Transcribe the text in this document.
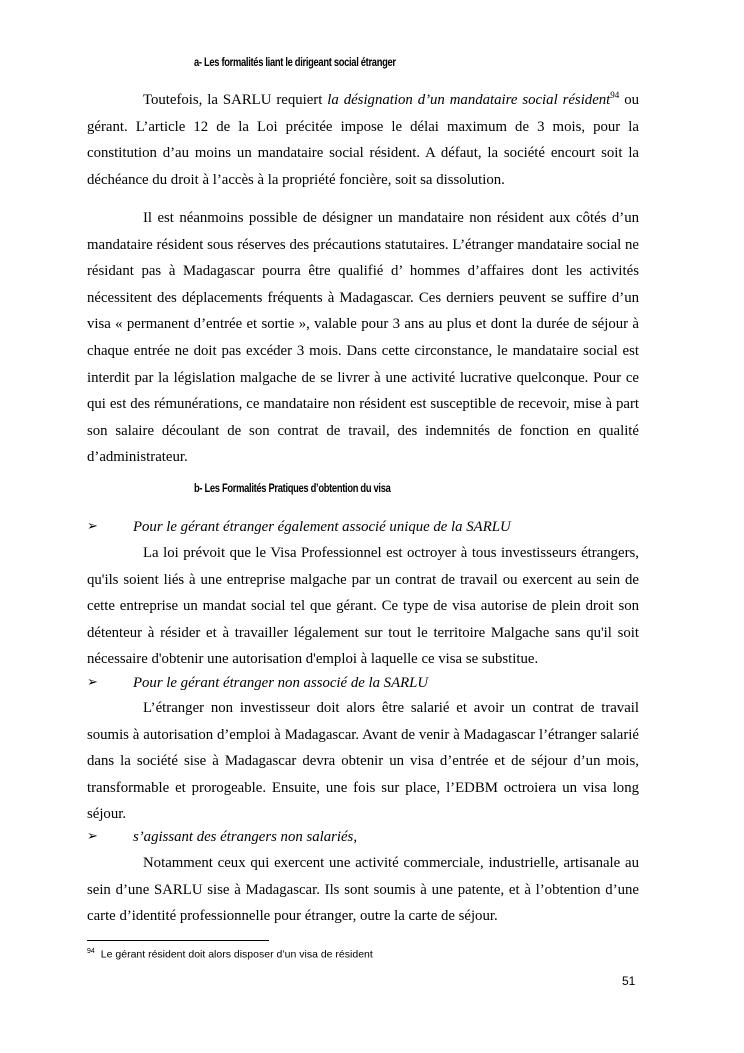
a- Les formalités liant le dirigeant social étranger

Toutefois, la SARLU requiert la désignation d’un mandataire social résident$^{94}$ ou gérant. L’article 12 de la Loi précitée impose le délai maximum de 3 mois, pour la constitution d’au moins un mandataire social résident. A défaut, la société encourt soit la déchéance du droit à l’accès à la propriété foncière, soit sa dissolution.

Il est néanmoins possible de désigner un mandataire non résident aux côtés d’un mandataire résident sous réserves des précautions statutaires. L’étranger mandataire social ne résidant pas à Madagascar pourra être qualifié d’ hommes d’affaires dont les activités nécessitent des déplacements fréquents à Madagascar. Ces derniers peuvent se suffire d’un visa « permanent d’entrée et sortie », valable pour 3 ans au plus et dont la durée de séjour à chaque entrée ne doit pas excéder 3 mois. Dans cette circonstance, le mandataire social est interdit par la législation malgache de se livrer à une activité lucrative quelconque. Pour ce qui est des rémunérations, ce mandataire non résident est susceptible de recevoir, mise à part son salaire découlant de son contrat de travail, des indemnités de fonction en qualité d’administrateur.

b- Les Formalités Pratiques d’obtention du visa
➢ Pour le gérant étranger également associé unique de la SARLU

La loi prévoit que le Visa Professionnel est octroyer à tous investisseurs étrangers, qu'ils soient liés à une entreprise malgache par un contrat de travail ou exercent au sein de cette entreprise un mandat social tel que gérant. Ce type de visa autorise de plein droit son détenteur à résider et à travailler légalement sur tout le territoire Malgache sans qu'il soit nécessaire d'obtenir une autorisation d'emploi à laquelle ce visa se substitue.

➢ Pour le gérant étranger non associé de la SARLU

L’étranger non investisseur doit alors être salarié et avoir un contrat de travail soumis à autorisation d’emploi à Madagascar. Avant de venir à Madagascar l’étranger salarié dans la société sise à Madagascar devra obtenir un visa d’entrée et de séjour d’un mois, transformable et prorogeable. Ensuite, une fois sur place, l’EDBM octroiera un visa long séjour.

➢ s’agissant des étrangers non salariés,

Notamment ceux qui exercent une activité commerciale, industrielle, artisanale au sein d’une SARLU sise à Madagascar. Ils sont soumis à une patente, et à l’obtention d’une carte d’identité professionnelle pour étranger, outre la carte de séjour.

$^{94}$ Le gérant résident doit alors disposer d’un visa de résident
51
